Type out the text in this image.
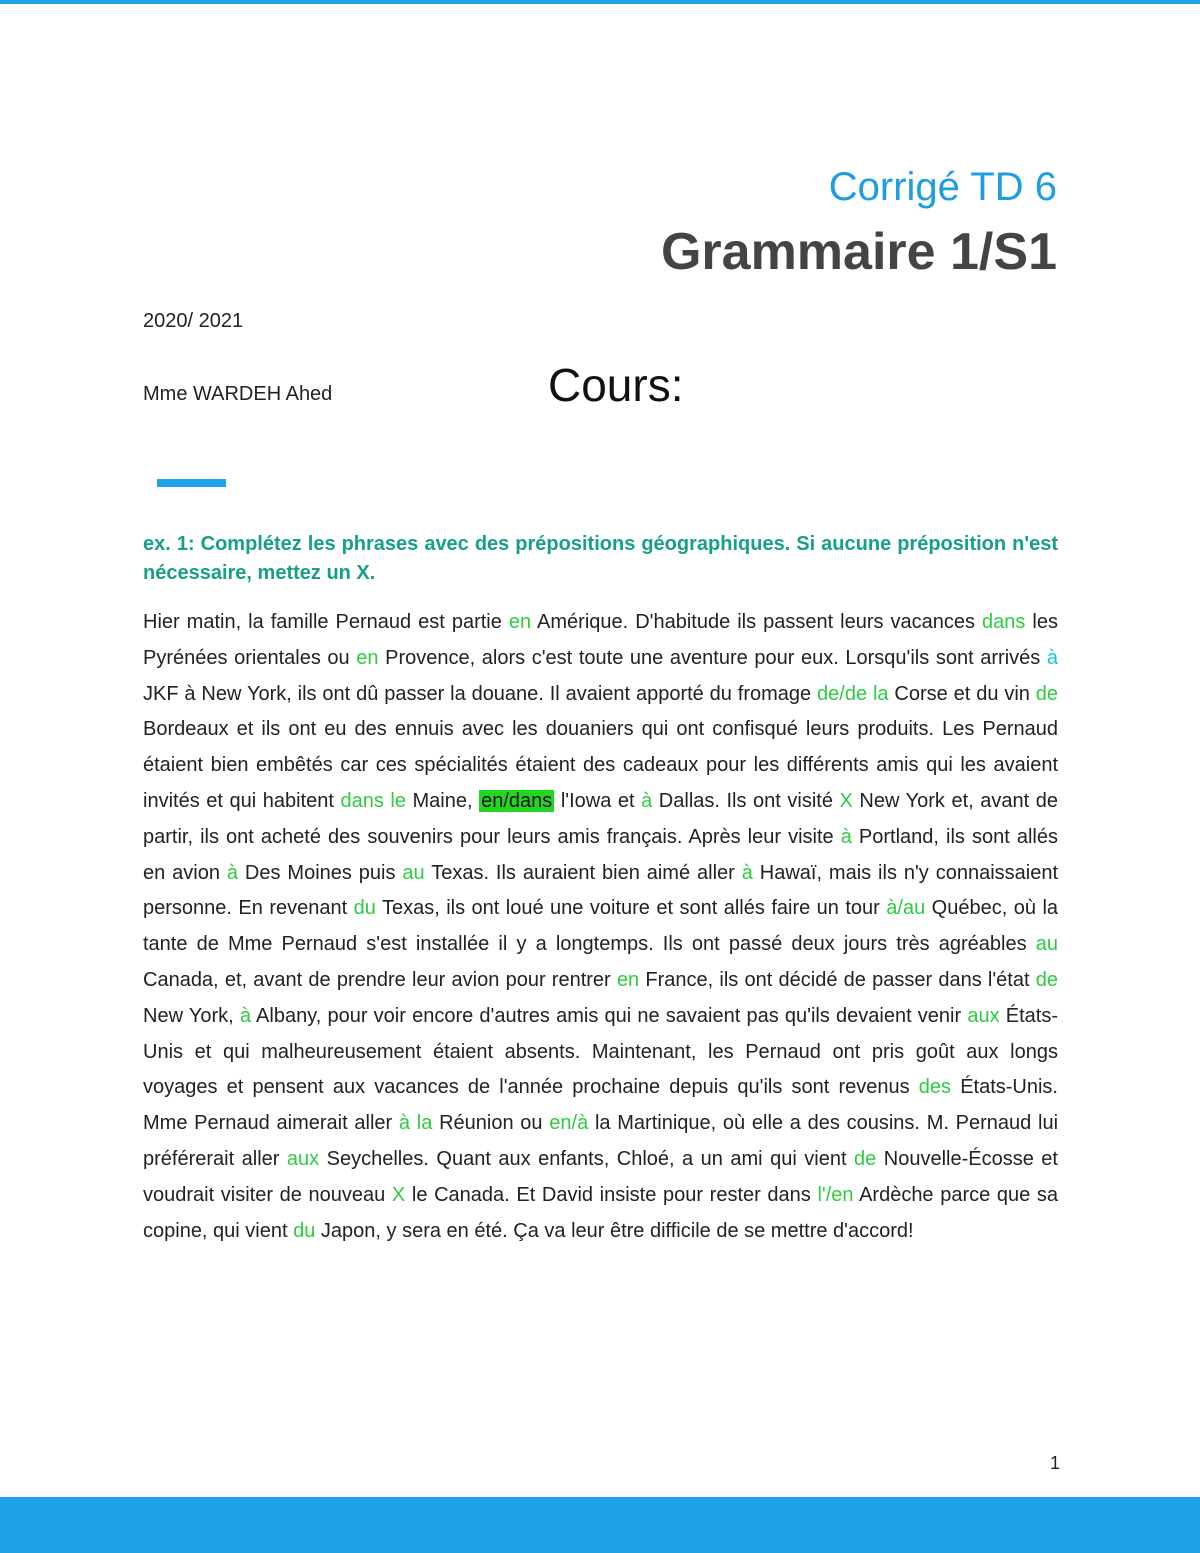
Corrigé TD 6
Grammaire 1/S1
2020/ 2021
Mme WARDEH Ahed	Cours:
ex. 1: Complétez les phrases avec des prépositions géographiques. Si aucune préposition n'est nécessaire, mettez un X.
Hier matin, la famille Pernaud est partie en Amérique. D'habitude ils passent leurs vacances dans les Pyrénées orientales ou en Provence, alors c'est toute une aventure pour eux. Lorsqu'ils sont arrivés à JKF à New York, ils ont dû passer la douane. Il avaient apporté du fromage de/de la Corse et du vin de Bordeaux et ils ont eu des ennuis avec les douaniers qui ont confisqué leurs produits. Les Pernaud étaient bien embêtés car ces spécialités étaient des cadeaux pour les différents amis qui les avaient invités et qui habitent dans le Maine, en/dans l'Iowa et à Dallas. Ils ont visité X New York et, avant de partir, ils ont acheté des souvenirs pour leurs amis français. Après leur visite à Portland, ils sont allés en avion à Des Moines puis au Texas. Ils auraient bien aimé aller à Hawaï, mais ils n'y connaissaient personne. En revenant du Texas, ils ont loué une voiture et sont allés faire un tour à/au Québec, où la tante de Mme Pernaud s'est installée il y a longtemps. Ils ont passé deux jours très agréables au Canada, et, avant de prendre leur avion pour rentrer en France, ils ont décidé de passer dans l'état de New York, à Albany, pour voir encore d'autres amis qui ne savaient pas qu'ils devaient venir aux États-Unis et qui malheureusement étaient absents. Maintenant, les Pernaud ont pris goût aux longs voyages et pensent aux vacances de l'année prochaine depuis qu'ils sont revenus des États-Unis. Mme Pernaud aimerait aller à la Réunion ou en/à la Martinique, où elle a des cousins. M. Pernaud lui préférerait aller aux Seychelles. Quant aux enfants, Chloé, a un ami qui vient de Nouvelle-Écosse et voudrait visiter de nouveau X le Canada. Et David insiste pour rester dans l'/en Ardèche parce que sa copine, qui vient du Japon, y sera en été. Ça va leur être difficile de se mettre d'accord!
1
